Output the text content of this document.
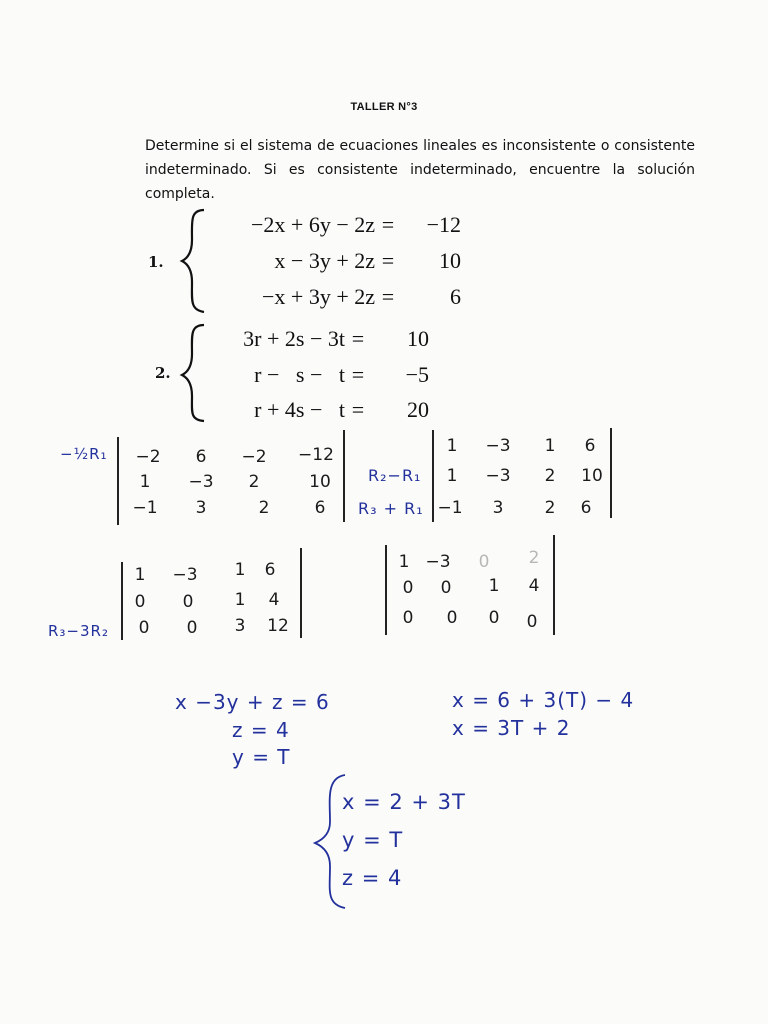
TALLER N°3
Determine si el sistema de ecuaciones lineales es inconsistente o consistente indeterminado. Si es consistente indeterminado, encuentre la solución completa.
1.
−2x + 6y − 2z = −12
x − 3y + 2z = 10
−x + 3y + 2z =	6
2.
3r + 2s − 3t = 10
r −   s −   t = −5
r + 4s −   t = 20
−½R₁
R₂−R₁
R₃ + R₁
R₃−3R₂
−2	6	−2	−12
1	−3	2	10
−1	3	2	6
1	−3	1	6
1	−3	2	10
−1	3	2	6
1	−3	1	6
0	0	1	4
0	0	3	12
1 −3	0	2
0	0	1	4
0	0	0	0
x −3y + z = 6
z = 4
y = T
x = 6 + 3(T) − 4
x = 3T + 2
x = 2 + 3T
y = T
z = 4
